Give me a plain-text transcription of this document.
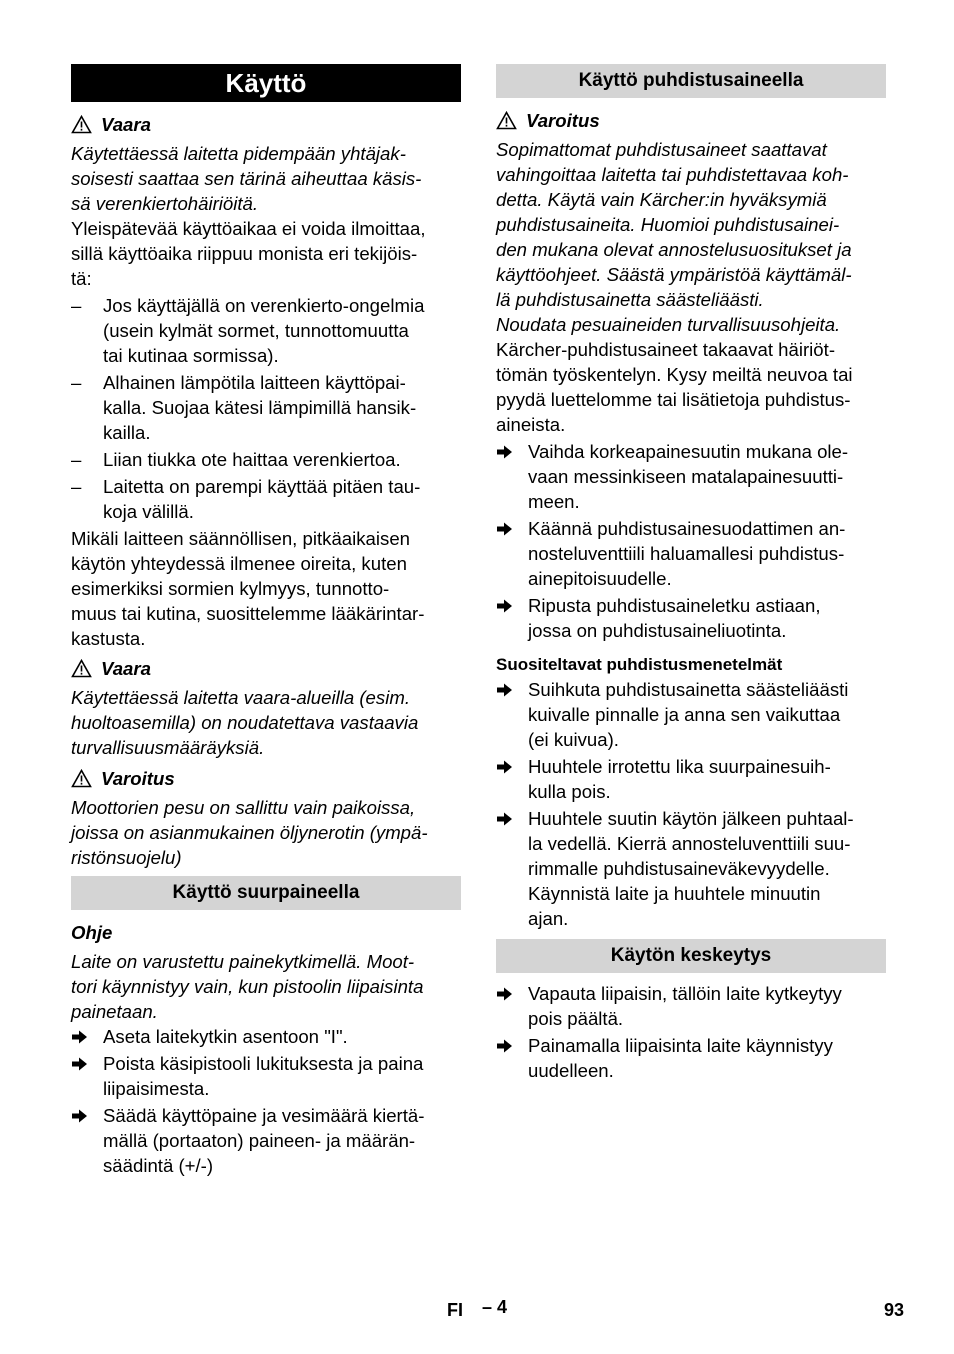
Käyttö
Vaara

Käytettäessä laitetta pidempään yhtäjak-

soisesti saattaa sen tärinä aiheuttaa käsis-

sä verenkiertohäiriöitä.

Yleispätevää käyttöaikaa ei voida ilmoittaa,

sillä käyttöaika riippuu monista eri tekijöis-

tä:

–	Jos käyttäjällä on verenkierto-ongelmia

(usein kylmät sormet, tunnottomuutta

tai kutinaa sormissa).

–	Alhainen lämpötila laitteen käyttöpai-

kalla. Suojaa kätesi lämpimillä hansik-

kailla.

–	Liian tiukka ote haittaa verenkiertoa.

–	Laitetta on parempi käyttää pitäen tau-

koja välillä.

Mikäli laitteen säännöllisen, pitkäaikaisen

käytön yhteydessä ilmenee oireita, kuten

esimerkiksi sormien kylmyys, tunnotto-

muus tai kutina, suosittelemme lääkärintar-

kastusta.

Vaara

Käytettäessä laitetta vaara-alueilla (esim.

huoltoasemilla) on noudatettava vastaavia

turvallisuusmääräyksiä.

Varoitus

Moottorien pesu on sallittu vain paikoissa,

joissa on asianmukainen öljynerotin (ympä-

ristönsuojelu)

Käyttö suurpaineella

Ohje

Laite on varustettu painekytkimellä. Moot-

tori käynnistyy vain, kun pistoolin liipaisinta

painetaan.

Aseta laitekytkin asentoon "I".

Poista käsipistooli lukituksesta ja paina

liipaisimesta.

Säädä käyttöpaine ja vesimäärä kiertä-

mällä (portaaton) paineen- ja määrän-

säädintä (+/-)

Käyttö puhdistusaineella
Varoitus

Sopimattomat puhdistusaineet saattavat

vahingoittaa laitetta tai puhdistettavaa koh-

detta. Käytä vain Kärcher:in hyväksymiä

puhdistusaineita. Huomioi puhdistusainei-

den mukana olevat annostelusuositukset ja

käyttöohjeet. Säästä ympäristöä käyttämäl-

lä puhdistusainetta säästeliäästi.

Noudata pesuaineiden turvallisuusohjeita.

Kärcher-puhdistusaineet takaavat häiriöt-

tömän työskentelyn. Kysy meiltä neuvoa tai

pyydä luettelomme tai lisätietoja puhdistus-

aineista.

Vaihda korkeapainesuutin mukana ole-

vaan messinkiseen matalapainesuutti-

meen.

Käännä puhdistusainesuodattimen an-

nosteluventtiili haluamallesi puhdistus-

ainepitoisuudelle.

Ripusta puhdistusaineletku astiaan,

jossa on puhdistusaineliuotinta.

Suositeltavat puhdistusmenetelmät

Suihkuta puhdistusainetta säästeliäästi

kuivalle pinnalle ja anna sen vaikuttaa

(ei kuivua).

Huuhtele irrotettu lika suurpainesuih-

kulla pois.

Huuhtele suutin käytön jälkeen puhtaal-

la vedellä. Kierrä annosteluventtiili suu-

rimmalle puhdistusaineväkevyydelle.

Käynnistä laite ja huuhtele minuutin

ajan.

Käytön keskeytys

Vapauta liipaisin, tällöin laite kytkeytyy

pois päältä.

Painamalla liipaisinta laite käynnistyy

uudelleen.

FI – 4	93
